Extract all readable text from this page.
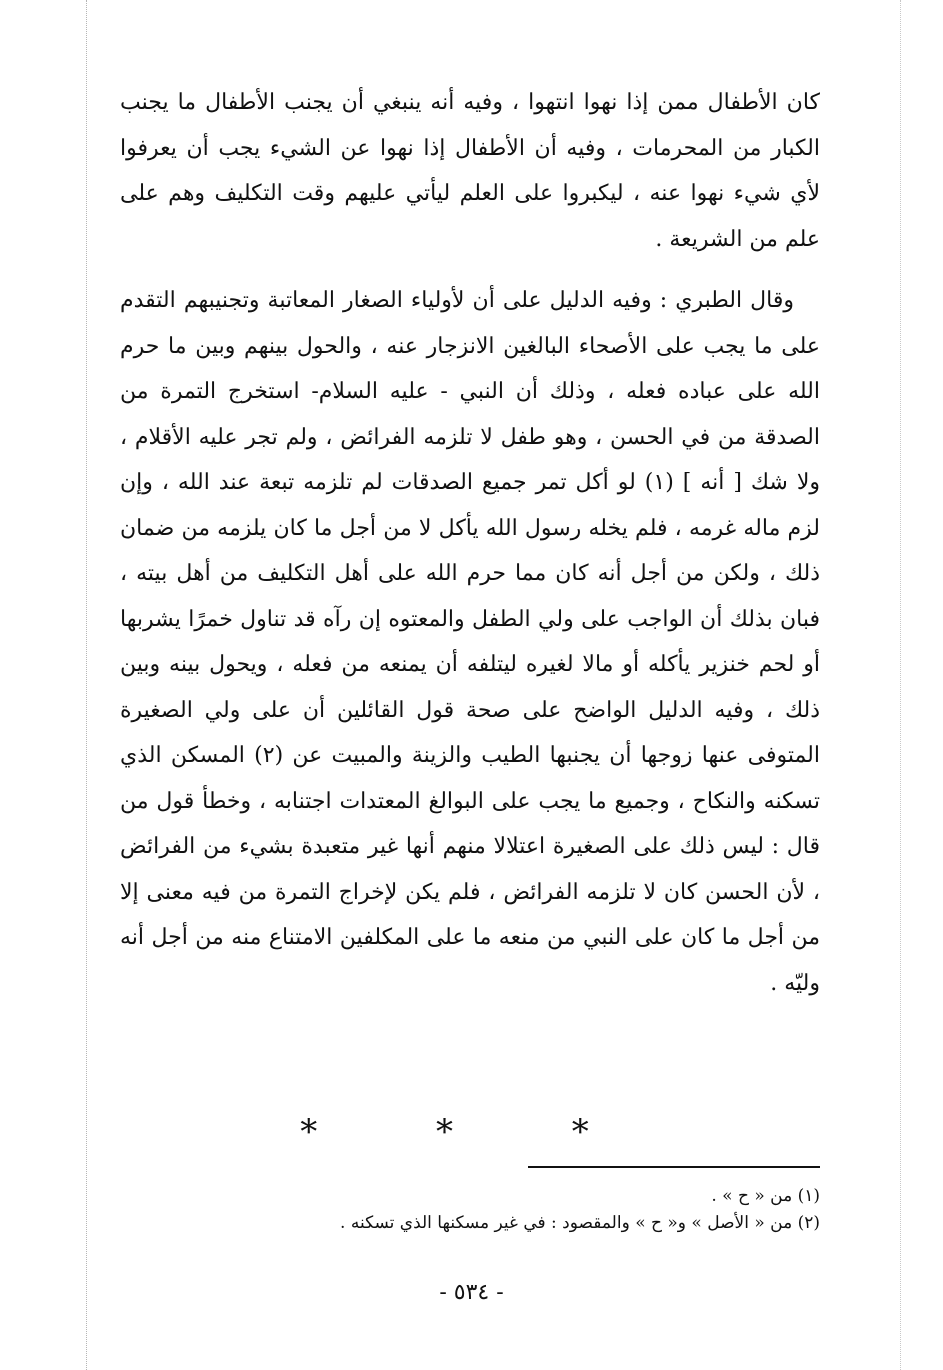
كان الأطفال ممن إذا نهوا انتهوا ، وفيه أنه ينبغي أن يجنب الأطفال ما يجنب الكبار من المحرمات ، وفيه أن الأطفال إذا نهوا عن الشيء يجب أن يعرفوا لأي شيء نهوا عنه ، ليكبروا على العلم ليأتي عليهم وقت التكليف وهم على علم من الشريعة .

وقال الطبري : وفيه الدليل على أن لأولياء الصغار المعاتبة وتجنيبهم التقدم على ما يجب على الأصحاء البالغين الانزجار عنه ، والحول بينهم وبين ما حرم الله على عباده فعله ، وذلك أن النبي - عليه السلام- استخرج التمرة من الصدقة من في الحسن ، وهو طفل لا تلزمه الفرائض ، ولم تجر عليه الأقلام ، ولا شك [ أنه ] (١) لو أكل تمر جميع الصدقات لم تلزمه تبعة عند الله ، وإن لزم ماله غرمه ، فلم يخله رسول الله يأكل لا من أجل ما كان يلزمه من ضمان ذلك ، ولكن من أجل أنه كان مما حرم الله على أهل التكليف من أهل بيته ، فبان بذلك أن الواجب على ولي الطفل والمعتوه إن رآه قد تناول خمرًا يشربها أو لحم خنزير يأكله أو مالا لغيره ليتلفه أن يمنعه من فعله ، ويحول بينه وبين ذلك ، وفيه الدليل الواضح على صحة قول القائلين أن على ولي الصغيرة المتوفى عنها زوجها أن يجنبها الطيب والزينة والمبيت عن (٢) المسكن الذي تسكنه والنكاح ، وجميع ما يجب على البوالغ المعتدات اجتنابه ، وخطأ قول من قال : ليس ذلك على الصغيرة اعتلالا منهم أنها غير متعبدة بشيء من الفرائض ، لأن الحسن كان لا تلزمه الفرائض ، فلم يكن لإخراج التمرة من فيه معنى إلا من أجل ما كان على النبي من منعه ما على المكلفين الامتناع منه من أجل أنه وليّه .

* * *
(١) من « ح » .
(٢) من « الأصل » و« ح » والمقصود : في غير مسكنها الذي تسكنه .
- ٥٣٤ -
